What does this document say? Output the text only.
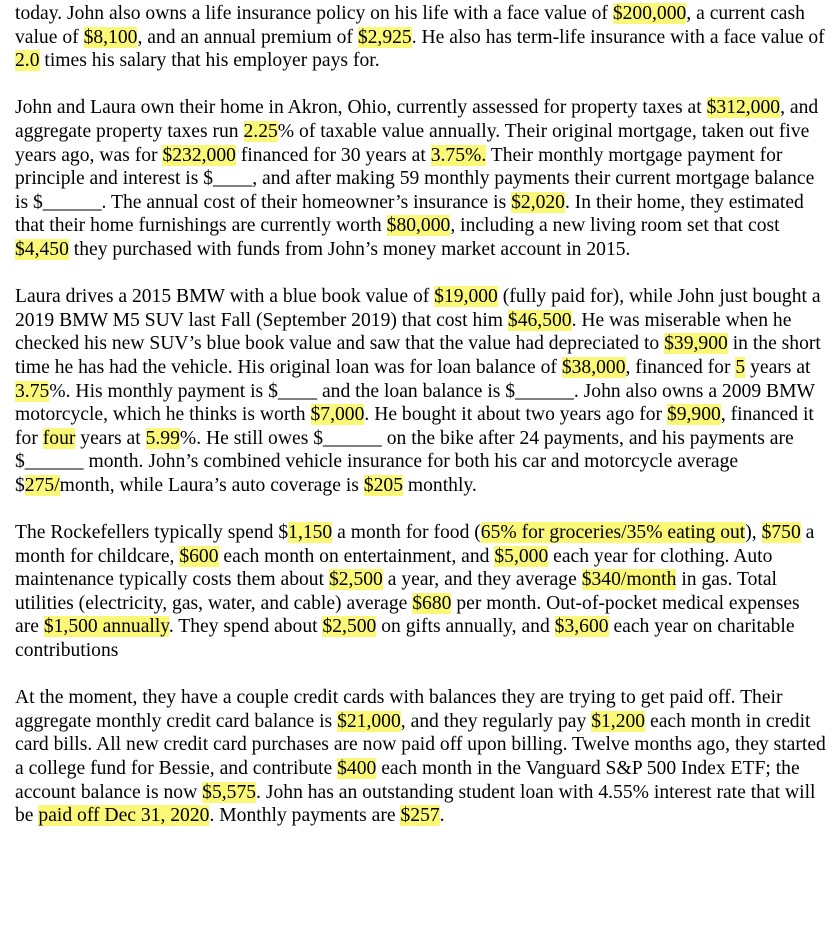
today. John also owns a life insurance policy on his life with a face value of $200,000, a current cash value of $8,100, and an annual premium of $2,925. He also has term-life insurance with a face value of 2.0 times his salary that his employer pays for.

John and Laura own their home in Akron, Ohio, currently assessed for property taxes at $312,000, and aggregate property taxes run 2.25% of taxable value annually. Their original mortgage, taken out five years ago, was for $232,000 financed for 30 years at 3.75%. Their monthly mortgage payment for principle and interest is $____, and after making 59 monthly payments their current mortgage balance is $______. The annual cost of their homeowner’s insurance is $2,020. In their home, they estimated that their home furnishings are currently worth $80,000, including a new living room set that cost $4,450 they purchased with funds from John’s money market account in 2015.

Laura drives a 2015 BMW with a blue book value of $19,000 (fully paid for), while John just bought a 2019 BMW M5 SUV last Fall (September 2019) that cost him $46,500. He was miserable when he checked his new SUV’s blue book value and saw that the value had depreciated to $39,900 in the short time he has had the vehicle. His original loan was for loan balance of $38,000, financed for 5 years at 3.75%. His monthly payment is $____ and the loan balance is $______. John also owns a 2009 BMW motorcycle, which he thinks is worth $7,000. He bought it about two years ago for $9,900, financed it for four years at 5.99%. He still owes $______ on the bike after 24 payments, and his payments are $______ month. John’s combined vehicle insurance for both his car and motorcycle average $275/month, while Laura’s auto coverage is $205 monthly.

The Rockefellers typically spend $1,150 a month for food (65% for groceries/35% eating out), $750 a month for childcare, $600 each month on entertainment, and $5,000 each year for clothing. Auto maintenance typically costs them about $2,500 a year, and they average $340/month in gas. Total utilities (electricity, gas, water, and cable) average $680 per month. Out-of-pocket medical expenses are $1,500 annually. They spend about $2,500 on gifts annually, and $3,600 each year on charitable contributions

At the moment, they have a couple credit cards with balances they are trying to get paid off. Their aggregate monthly credit card balance is $21,000, and they regularly pay $1,200 each month in credit card bills. All new credit card purchases are now paid off upon billing. Twelve months ago, they started a college fund for Bessie, and contribute $400 each month in the Vanguard S&P 500 Index ETF; the account balance is now $5,575. John has an outstanding student loan with 4.55% interest rate that will be paid off Dec 31, 2020. Monthly payments are $257.
